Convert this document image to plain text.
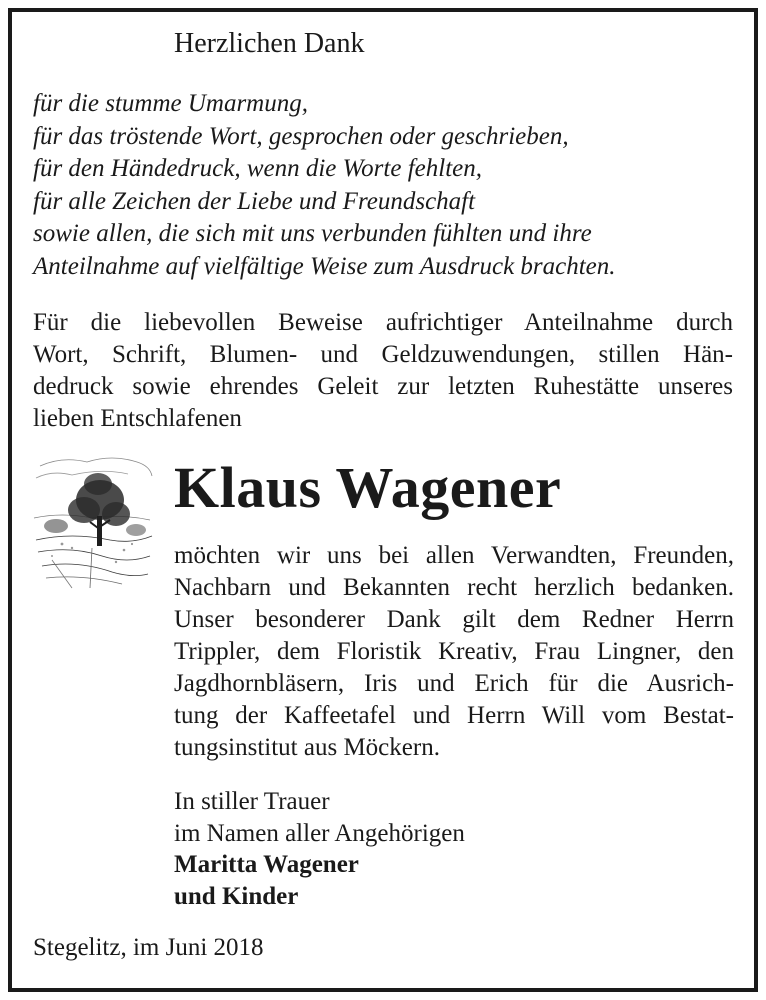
Herzlichen Dank
für die stumme Umarmung,
für das tröstende Wort, gesprochen oder geschrieben,
für den Händedruck, wenn die Worte fehlten,
für alle Zeichen der Liebe und Freundschaft
sowie allen, die sich mit uns verbunden fühlten und ihre
Anteilnahme auf vielfältige Weise zum Ausdruck brachten.
Für die liebevollen Beweise aufrichtiger Anteilnahme durch
Wort, Schrift, Blumen- und Geldzuwendungen, stillen Hän-
dedruck sowie ehrendes Geleit zur letzten Ruhestätte unseres
lieben Entschlafenen
Klaus Wagener
möchten wir uns bei allen Verwandten, Freunden,
Nachbarn und Bekannten recht herzlich bedanken.
Unser besonderer Dank gilt dem Redner Herrn
Trippler, dem Floristik Kreativ, Frau Lingner, den
Jagdhornbläsern, Iris und Erich für die Ausrich-
tung der Kaffeetafel und Herrn Will vom Bestat-
tungsinstitut aus Möckern.
In stiller Trauer
im Namen aller Angehörigen
Maritta Wagener
und Kinder
Stegelitz, im Juni 2018
